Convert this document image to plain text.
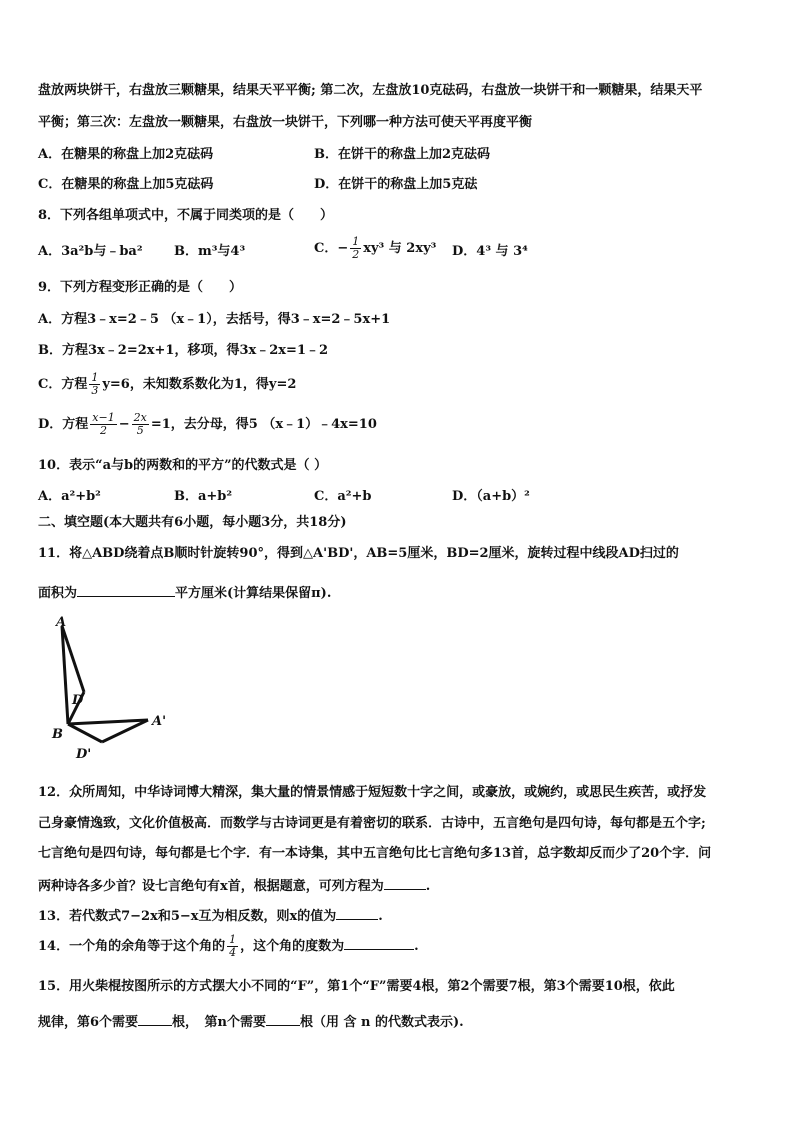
盘放两块饼干，右盘放三颗糖果，结果天平平衡; 第二次，左盘放10克砝码，右盘放一块饼干和一颗糖果，结果天平
平衡；第三次：左盘放一颗糖果，右盘放一块饼干，下列哪一种方法可使天平再度平衡
A．在糖果的称盘上加2克砝码	B．在饼干的称盘上加2克砝码
C．在糖果的称盘上加5克砝码	D．在饼干的称盘上加5克砝
8．下列各组单项式中，不属于同类项的是（　　）
A．3a²b与﹣ba² B．m³与4³	C．− $\frac{1}{2} xy^3$ 与 2xy³ D．4³ 与 3⁴
9．下列方程变形正确的是（　　）
A．方程3﹣x=2﹣5 （x﹣1），去括号，得3﹣x=2﹣5x+1
B．方程3x﹣2=2x+1，移项，得3x﹣2x=1﹣2
C．方程 $\frac{1}{3} y=6$，未知数系数化为1，得y=2
D．方程 $\frac{x-1}{2} - \frac{2x}{5} =1$，去分母，得5 （x﹣1）﹣4x=10
10．表示“a与b的两数和的平方”的代数式是（ ）
A．a²+b²	B．a+b²	C．a²+b	D．（a+b）²
二、填空题(本大题共有6小题，每小题3分，共18分)
11．将△ABD绕着点B顺时针旋转90°，得到△A'BD'，AB=5厘米，BD=2厘米，旋转过程中线段AD扫过的
面积为	平方厘米(计算结果保留π).
A
D
B
A'
D'
12．众所周知，中华诗词博大精深，集大量的情景情感于短短数十字之间，或豪放，或婉约，或思民生疾苦，或抒发
己身豪情逸致，文化价值极高．而数学与古诗词更是有着密切的联系．古诗中，五言绝句是四句诗，每句都是五个字;
七言绝句是四句诗，每句都是七个字．有一本诗集，其中五言绝句比七言绝句多13首，总字数却反而少了20个字．问
两种诗各多少首？设七言绝句有x首，根据题意，可列方程为	.
13．若代数式7−2x和5−x互为相反数，则x的值为	.
14．一个角的余角等于这个角的 $\frac{1}{4}$ ，这个角的度数为	.
15．用火柴棍按图所示的方式摆大小不同的“F”，第1个“F”需要4根，第2个需要7根，第3个需要10根，依此
规律，第6个需要	根，　第n个需要	根（用 含 n 的代数式表示).
